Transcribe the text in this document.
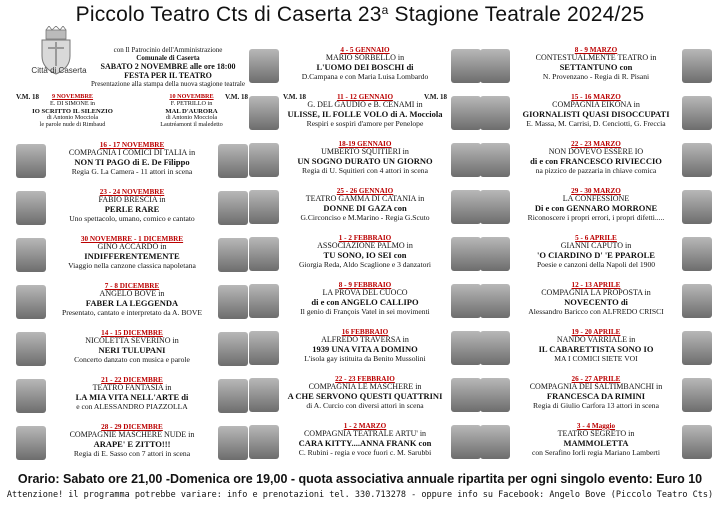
Piccolo Teatro Cts di Caserta 23$^a$ Stagione Teatrale 2024/25
Città di Caserta
con Il Patrocinio dell'Amministrazione
Comunale di Caserta
SABATO 2 NOVEMBRE alle ore 18:00
FESTA PER IL TEATRO
Presentazione alla stampa della nuova stagione teatrale
V.M. 18	9 NOVEMBRE
E. DI SIMONE in
IO SCRITTO IL SILENZIO
di Antonio Mocciola
le parole nude di Rimbaud
V.M. 18
10 NOVEMBRE
F. PETRILLO in
MAL D'AURORA
di Antonio Mocciola
Lautréamont il maledetto
16 - 17 NOVEMBRE
COMPAGNIA I COMICI DI TALIA in
NON TI PAGO di E. De Filippo
Regia G. La Camera - 11 attori in scena
23 - 24 NOVEMBRE
FABIO BRESCIA in
PERLE RARE
Uno spettacolo, umano, comico e cantato
30 NOVEMBRE - 1 DICEMBRE
GINO ACCARDO in
INDIFFERENTEMENTE
Viaggio nella canzone classica napoletana
7 - 8 DICEMBRE
ANGELO BOVE in
FABER LA LEGGENDA
Presentato, cantato e interpretato da A. BOVE
14 - 15 DICEMBRE
NICOLETTA SEVERINO in
NERI TULUPANI
Concerto danzato con musica e parole
21 - 22 DICEMBRE
TEATRO FANTASIA in
LA MIA VITA NELL'ARTE di
e con ALESSANDRO PIAZZOLLA
28 - 29 DICEMBRE
COMPAGNIE MASCHERE NUDE in
ARAPE' E ZITTO!!!
Regia di E. Sasso con 7 attori in scena
4 - 5 GENNAIO
MARIO SORBELLO in
L'UOMO DEI BOSCHI di
D.Campana e con Maria Luisa Lombardo
V.M. 18	V.M. 18
11 - 12 GENNAIO
G. DEL GAUDIO e B. CENAMI in
ULISSE, IL FOLLE VOLO di A. Mocciola
Respiri e sospiri d'amore per Penelope
18-19 GENNAIO
UMBERTO SQUITIERI in
UN SOGNO DURATO UN GIORNO
Regia di U. Squitieri con 4 attori in scena
25 - 26 GENNAIO
TEATRO GAMMA DI CATANIA in
DONNE DI GAZA con
G.Circonciso e M.Marino - Regia G.Scuto
1 - 2 FEBBRAIO
ASSOCIAZIONE PALMO in
TU SONO, IO SEI con
Giorgia Reda, Aldo Scaglione e 3 danzatori
8 - 9 FEBBRAIO
LA PROVA DEL CUOCO
di e con ANGELO CALLIPO
Il genio di François Vatel in sei movimenti
16 FEBBRAIO
ALFREDO TRAVERSA in
1939 UNA VITA A DOMINO
L'isola gay istituita da Benito Mussolini
22 - 23 FEBBRAIO
COMPAGNIA LE MASCHERE in
A CHE SERVONO QUESTI QUATTRINI
di A. Curcio con diversi attori in scena
1 - 2 MARZO
COMPAGNIA TEATRALE ARTU' in
CARA KITTY....ANNA FRANK con
C. Rubini - regia e voce fuori c. M. Sarubbi
8 - 9 MARZO
CONTESTUALMENTE TEATRO in
SETTANTUNO con
N. Provenzano - Regia di R. Pisani
15 - 16 MARZO
COMPAGNIA EIKONA in
GIORNALISTI QUASI DISOCCUPATI
E. Massa, M. Carrisi, D. Cenciotti, G. Freccia
22 - 23 MARZO
NON DOVEVO ESSERE IO
di e con FRANCESCO RIVIECCIO
na pizzico de pazzaria in chiave comica
29 - 30 MARZO
LA CONFESSIONE
Di e con GENNARO MORRONE
Riconoscere i propri errori, i propri difetti.....
5 - 6 APRILE
GIANNI CAPUTO in
'O CIARDINO D' 'E PPAROLE
Poesie e canzoni della Napoli del 1900
12 - 13 APRILE
COMPAGNIA LA PROPOSTA in
NOVECENTO di
Alessandro Baricco con ALFREDO CRISCI
19 - 20 APRILE
NANDO VARRIALE in
IL CABARETTISTA SONO IO
MA I COMICI SIETE VOI
26 - 27 APRILE
COMPAGNIA DEI SALTIMBANCHI in
FRANCESCA DA RIMINI
Regia di Giulio Carfora 13 attori in scena
3 - 4 Maggio
TEATRO SEGRETO in
MAMMOLETTA
con Serafino Iorli regia Mariano Lamberti
Orario: Sabato ore 21,00 -Domenica ore 19,00 - quota associativa annuale ripartita per ogni singolo evento: Euro 10
Attenzione! il programma potrebbe variare: info e prenotazioni tel. 330.713278 - oppure info su Facebook: Angelo Bove (Piccolo Teatro Cts)
